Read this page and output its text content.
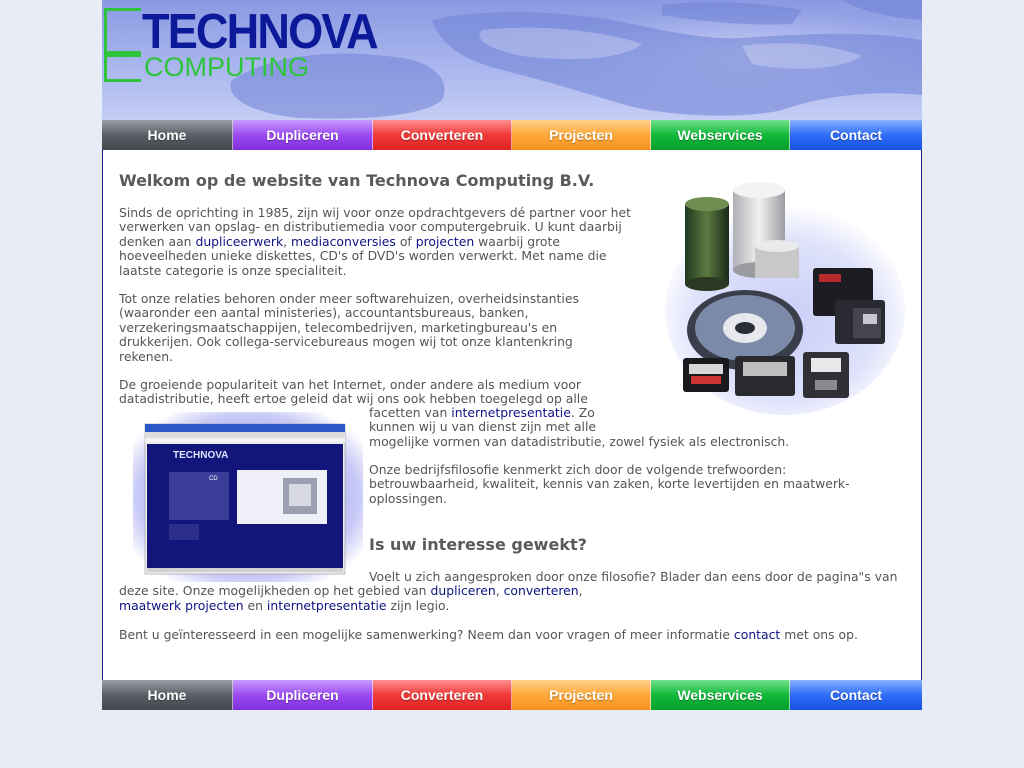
TECHNOVA
COMPUTING
Home	Dupliceren	Converteren	Projecten	Webservices	Contact
Welkom op de website van Technova Computing B.V.

Sinds de oprichting in 1985, zijn wij voor onze opdrachtgevers dé partner voor het verwerken van opslag- en distributiemedia voor computergebruik. U kunt daarbij denken aan dupliceerwerk, mediaconversies of projecten waarbij grote hoeveelheden unieke diskettes, CD's of DVD's worden verwerkt. Met name die laatste categorie is onze specialiteit.

Tot onze relaties behoren onder meer softwarehuizen, overheidsinstanties (waaronder een aantal ministeries), accountantsbureaus, banken, verzekeringsmaatschappijen, telecombedrijven, marketingbureau's en drukkerijen. Ook collega-servicebureaus mogen wij tot onze klantenkring rekenen.

De groeiende populariteit van het Internet, onder andere als medium voor datadistributie, heeft ertoe geleid dat wij ons ook hebben toegelegd op alle

facetten van internetpresentatie. Zo
kunnen wij u van dienst zijn met alle
mogelijke vormen van datadistributie, zowel fysiek als electronisch.

TECHNOVA
CD

Onze bedrijfsfilosofie kenmerkt zich door de volgende trefwoorden: betrouwbaarheid, kwaliteit, kennis van zaken, korte levertijden en maatwerk-oplossingen.

Is uw interesse gewekt?

Voelt u zich aangesproken door onze filosofie? Blader dan eens door de pagina"s van deze site. Onze mogelijkheden op het gebied van dupliceren, converteren,
maatwerk projecten en internetpresentatie zijn legio.

Bent u geïnteresseerd in een mogelijke samenwerking? Neem dan voor vragen of meer informatie contact met ons op.

Home	Dupliceren	Converteren	Projecten	Webservices	Contact
